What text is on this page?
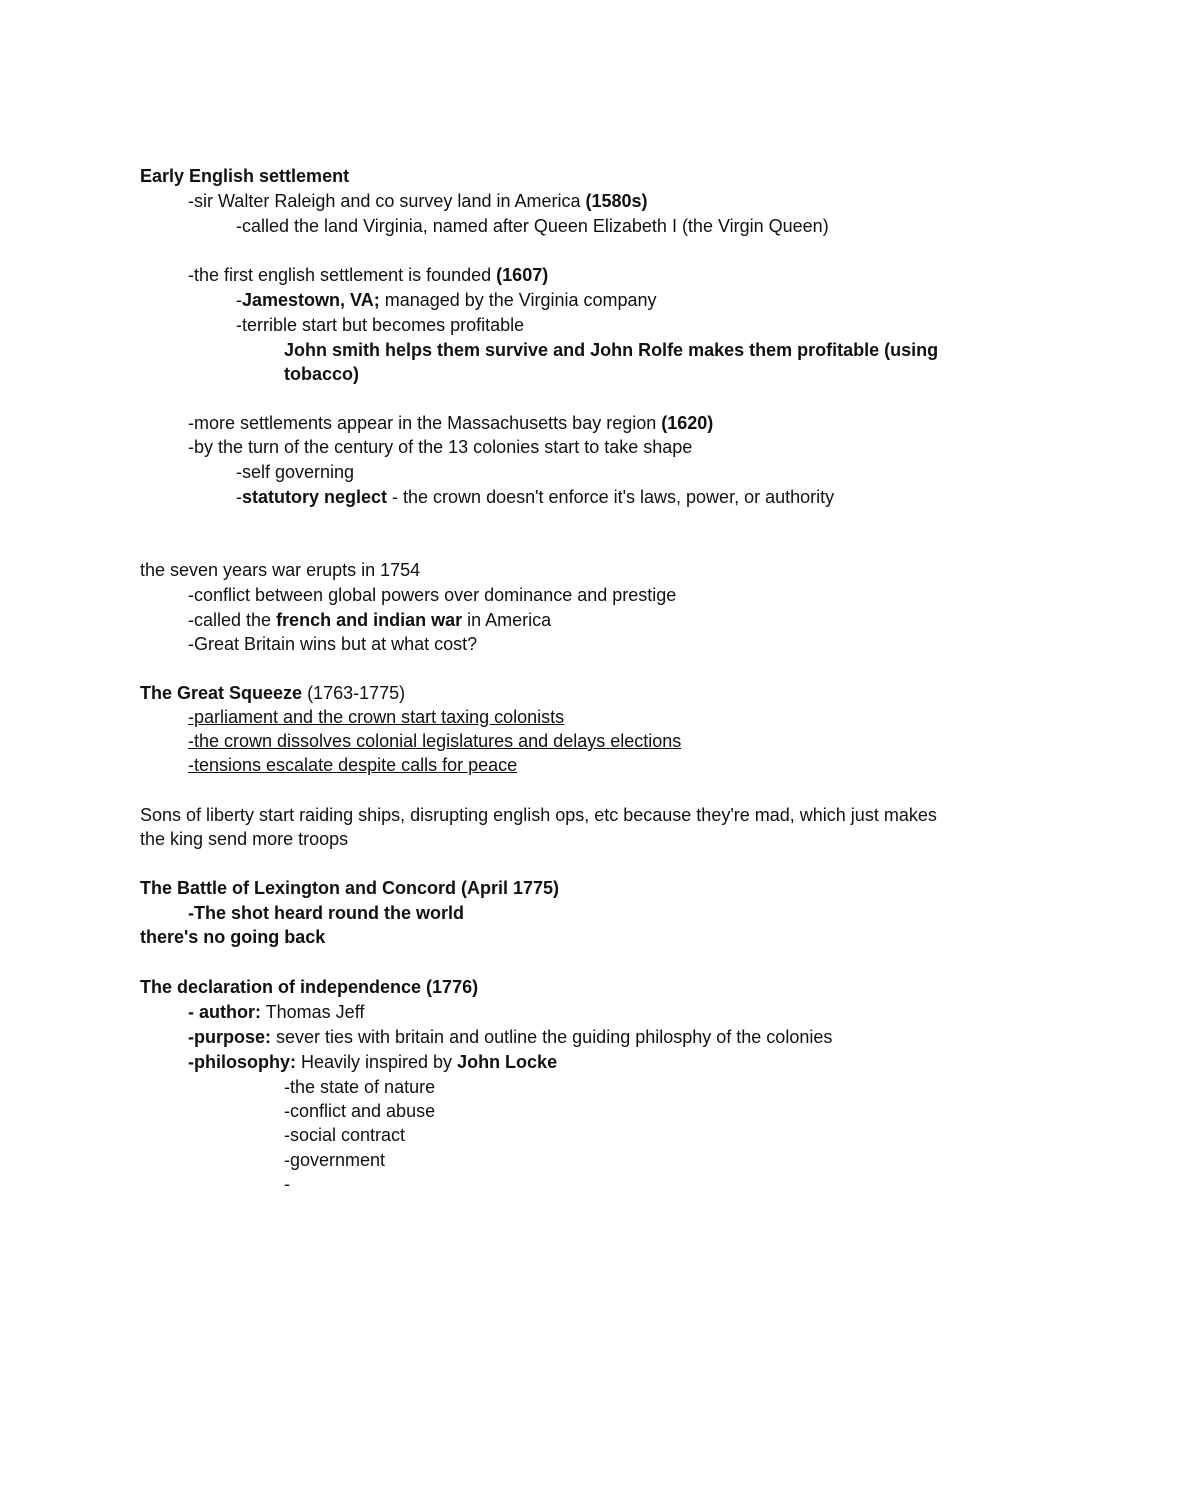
Early English settlement
-sir Walter Raleigh and co survey land in America (1580s)
-called the land Virginia, named after Queen Elizabeth I (the Virgin Queen)
-the first english settlement is founded (1607)
-Jamestown, VA; managed by the Virginia company
-terrible start but becomes profitable
John smith helps them survive and John Rolfe makes them profitable (using
tobacco)
-more settlements appear in the Massachusetts bay region (1620)
-by the turn of the century of the 13 colonies start to take shape
-self governing
-statutory neglect - the crown doesn't enforce it's laws, power, or authority
the seven years war erupts in 1754
-conflict between global powers over dominance and prestige
-called the french and indian war in America
-Great Britain wins but at what cost?
The Great Squeeze (1763-1775)
-parliament and the crown start taxing colonists
-the crown dissolves colonial legislatures and delays elections
-tensions escalate despite calls for peace
Sons of liberty start raiding ships, disrupting english ops, etc because they're mad, which just makes
the king send more troops
The Battle of Lexington and Concord (April 1775)
-The shot heard round the world
there's no going back
The declaration of independence (1776)
- author: Thomas Jeff
-purpose: sever ties with britain and outline the guiding philosphy of the colonies
-philosophy: Heavily inspired by John Locke
-the state of nature
-conflict and abuse
-social contract
-government
-
